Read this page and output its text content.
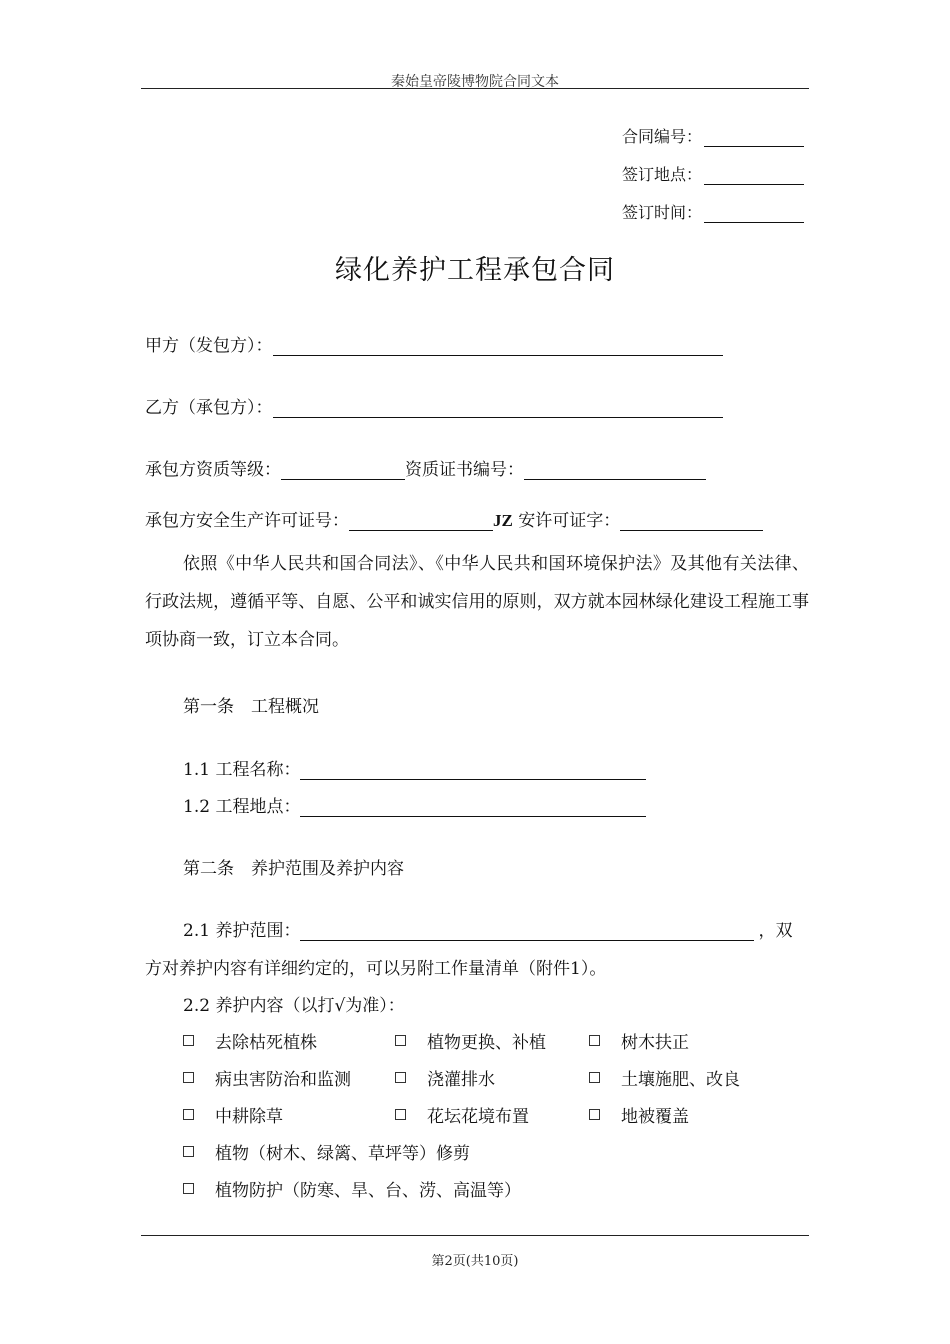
秦始皇帝陵博物院合同文本
合同编号：
签订地点：
签订时间：
绿化养护工程承包合同
甲方（发包方）：
乙方（承包方）：
承包方资质等级：	资质证书编号：
承包方安全生产许可证号：	JZ 安许可证字：
依照《中华人民共和国合同法》、《中华人民共和国环境保护法》及其他有关法律、行政法规，遵循平等、自愿、公平和诚实信用的原则，双方就本园林绿化建设工程施工事项协商一致，订立本合同。
第一条　工程概况
1.1 工程名称：
1.2 工程地点：
第二条　养护范围及养护内容
2.1 养护范围：	，双
方对养护内容有详细约定的，可以另附工作量清单（附件1）。
2.2 养护内容（以打√为准）：
去除枯死植株	植物更换、补植	树木扶正
病虫害防治和监测	浇灌排水	土壤施肥、改良
中耕除草	花坛花境布置	地被覆盖
植物（树木、绿篱、草坪等）修剪
植物防护（防寒、旱、台、涝、高温等）
第2页(共10页)
